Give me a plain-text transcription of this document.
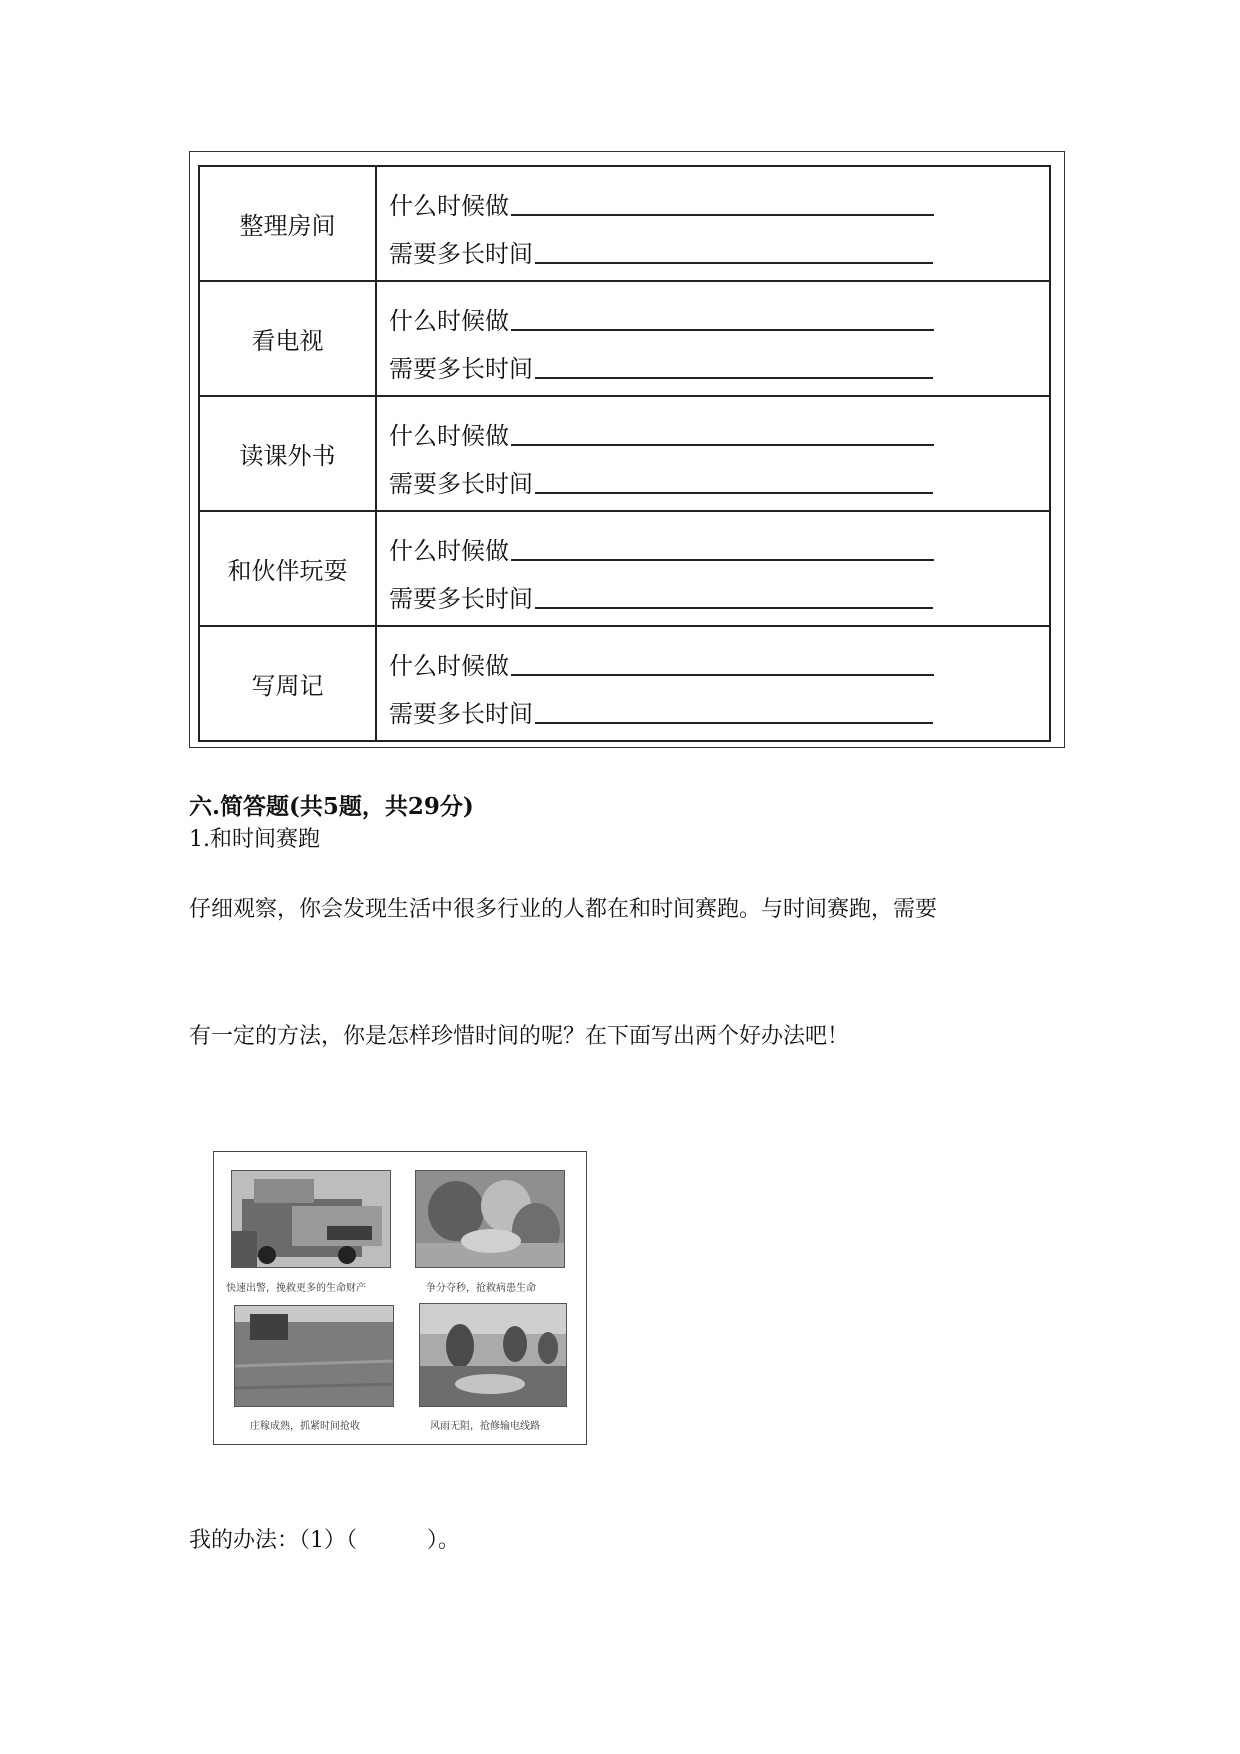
整理房间	什么时候做
需要多长时间

看电视	什么时候做
需要多长时间

读课外书	什么时候做
需要多长时间

和伙伴玩耍	什么时候做
需要多长时间

写周记	什么时候做
需要多长时间
六.简答题(共5题，共29分)
1.和时间赛跑
仔细观察，你会发现生活中很多行业的人都在和时间赛跑。与时间赛跑，需要
有一定的方法，你是怎样珍惜时间的呢？在下面写出两个好办法吧！
快速出警，挽救更多的生命财产	争分夺秒，抢救病患生命
庄稼成熟，抓紧时间抢收	风雨无阻，抢修输电线路
我的办法：（1）（          ）。
